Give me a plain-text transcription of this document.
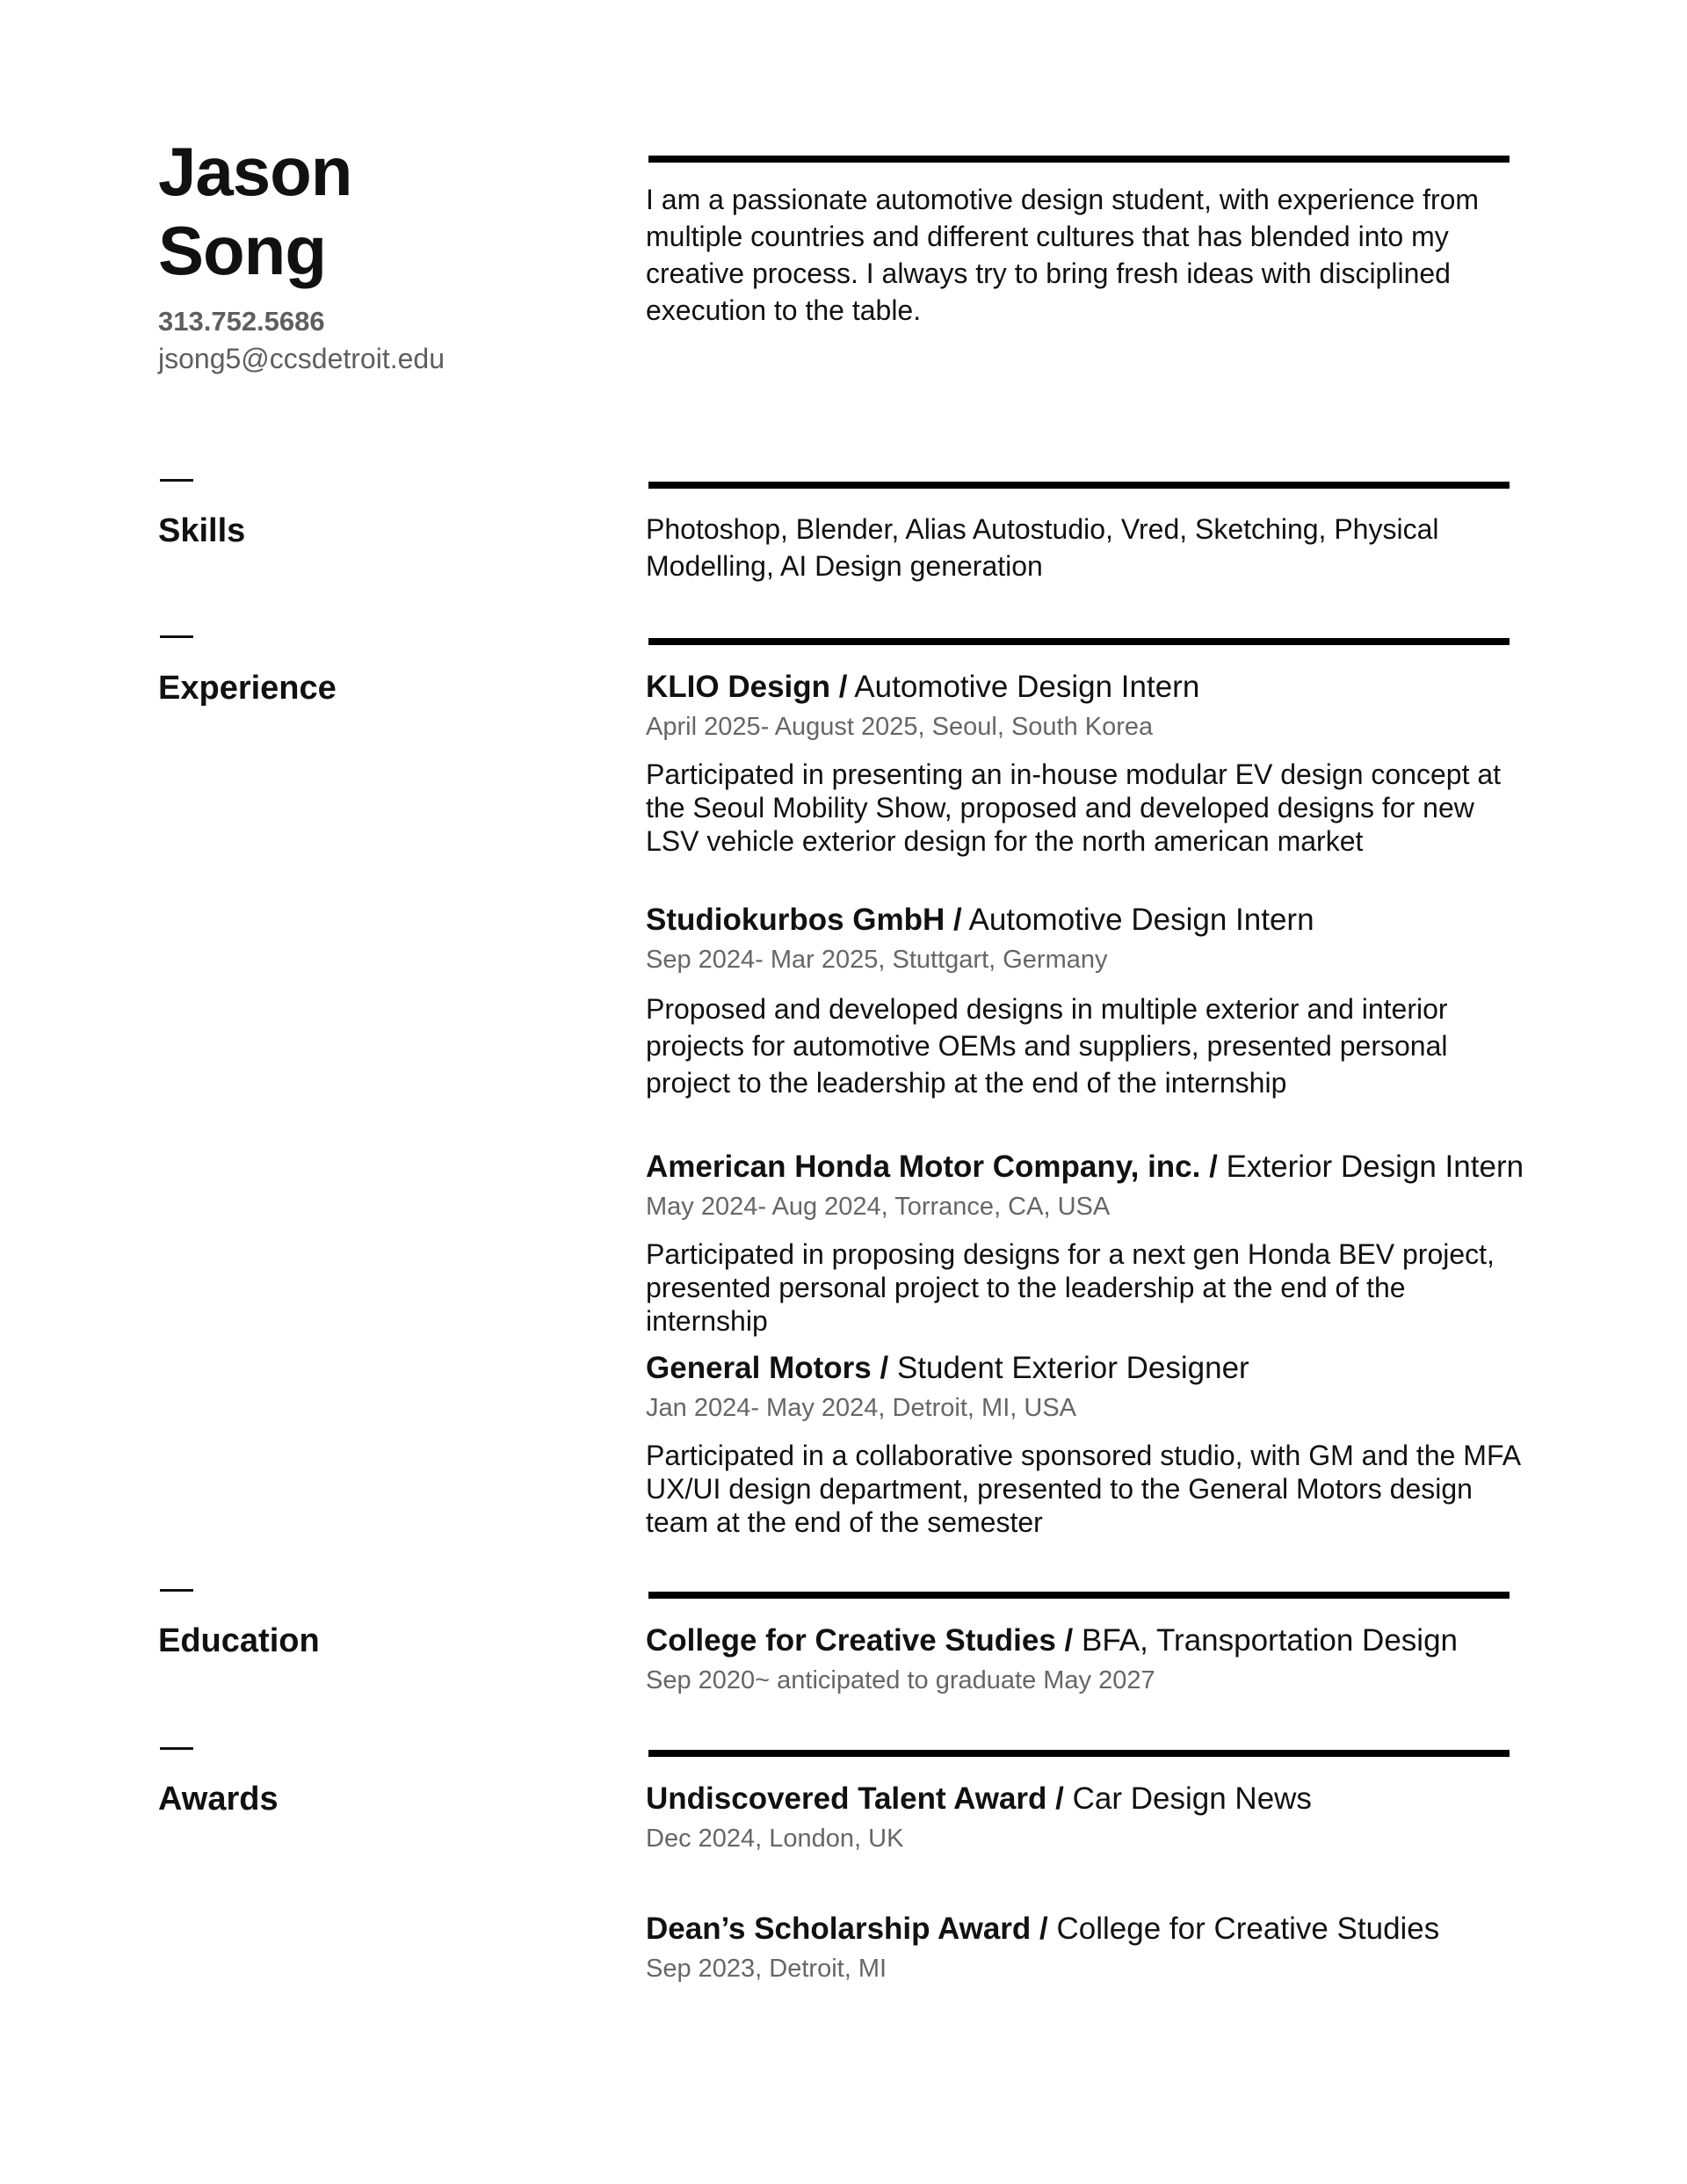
Jason
Song
313.752.5686
jsong5@ccsdetroit.edu
I am a passionate automotive design student, with experience from multiple countries and different cultures that has blended into my creative process. I always try to bring fresh ideas with disciplined execution to the table.
Skills	Photoshop, Blender, Alias Autostudio, Vred, Sketching, Physical Modelling, AI Design generation
Experience	KLIO Design / Automotive Design Intern
April 2025- August 2025, Seoul, South Korea
Participated in presenting an in-house modular EV design concept at the Seoul Mobility Show, proposed and developed designs for new LSV vehicle exterior design for the north american market
Studiokurbos GmbH / Automotive Design Intern
Sep 2024- Mar 2025, Stuttgart, Germany
Proposed and developed designs in multiple exterior and interior projects for automotive OEMs and suppliers, presented personal project to the leadership at the end of the internship
American Honda Motor Company, inc. / Exterior Design Intern
May 2024- Aug 2024, Torrance, CA, USA
Participated in proposing designs for a next gen Honda BEV project, presented personal project to the leadership at the end of the internship
General Motors / Student Exterior Designer
Jan 2024- May 2024, Detroit, MI, USA
Participated in a collaborative sponsored studio, with GM and the MFA UX/UI design department, presented to the General Motors design team at the end of the semester
Education	College for Creative Studies / BFA, Transportation Design
Sep 2020~ anticipated to graduate May 2027
Awards	Undiscovered Talent Award / Car Design News
Dec 2024, London, UK
Dean’s Scholarship Award / College for Creative Studies
Sep 2023, Detroit, MI
